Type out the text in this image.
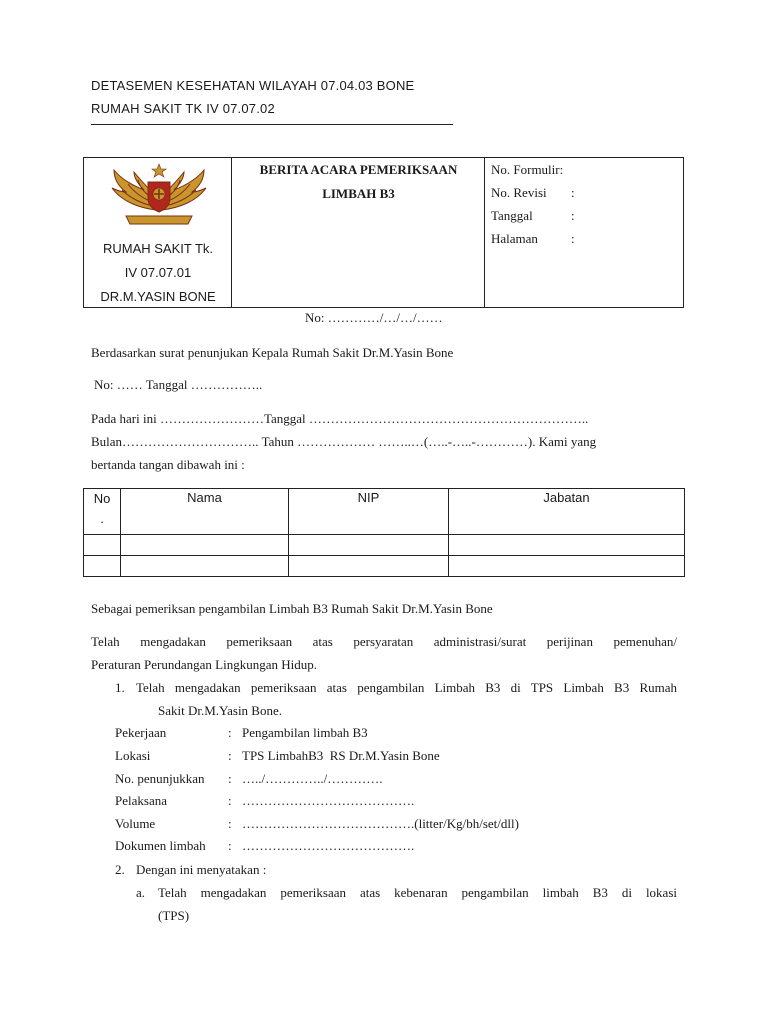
DETASEMEN KESEHATAN WILAYAH 07.04.03 BONE
RUMAH SAKIT TK IV 07.07.02
RUMAH SAKIT Tk.
IV 07.07.01
DR.M.YASIN BONE
BERITA ACARA PEMERIKSAAN
LIMBAH B3
No. Formulir:
No. Revisi :
Tanggal	:
Halaman	:
No: …………/…/…/……
Berdasarkan surat penunjukan Kepala Rumah Sakit Dr.M.Yasin Bone
No: …… Tanggal ……………..
Pada hari ini ……………………Tanggal ………………………………………………………..
Bulan………………………….. Tahun ……………… ……..…(…..-…..-…………). Kami yang
bertanda tangan dibawah ini :
No
.	Nama	NIP	Jabatan

Sebagai pemeriksan pengambilan Limbah B3 Rumah Sakit Dr.M.Yasin Bone
Telah mengadakan pemeriksaan atas persyaratan administrasi/surat perijinan pemenuhan/
Peraturan Perundangan Lingkungan Hidup.
1. Telah mengadakan pemeriksaan atas pengambilan Limbah B3 di TPS Limbah B3 Rumah
Sakit Dr.M.Yasin Bone.
Pekerjaan	: Pengambilan limbah B3
Lokasi	: TPS LimbahB3  RS Dr.M.Yasin Bone
No. penunjukkan : …../…………../………….
Pelaksana	: ………………………………….
Volume	: ………………………………….(litter/Kg/bh/set/dll)
Dokumen limbah : ………………………………….
2. Dengan ini menyatakan :
a. Telah mengadakan pemeriksaan atas kebenaran pengambilan limbah B3 di lokasi
(TPS)
